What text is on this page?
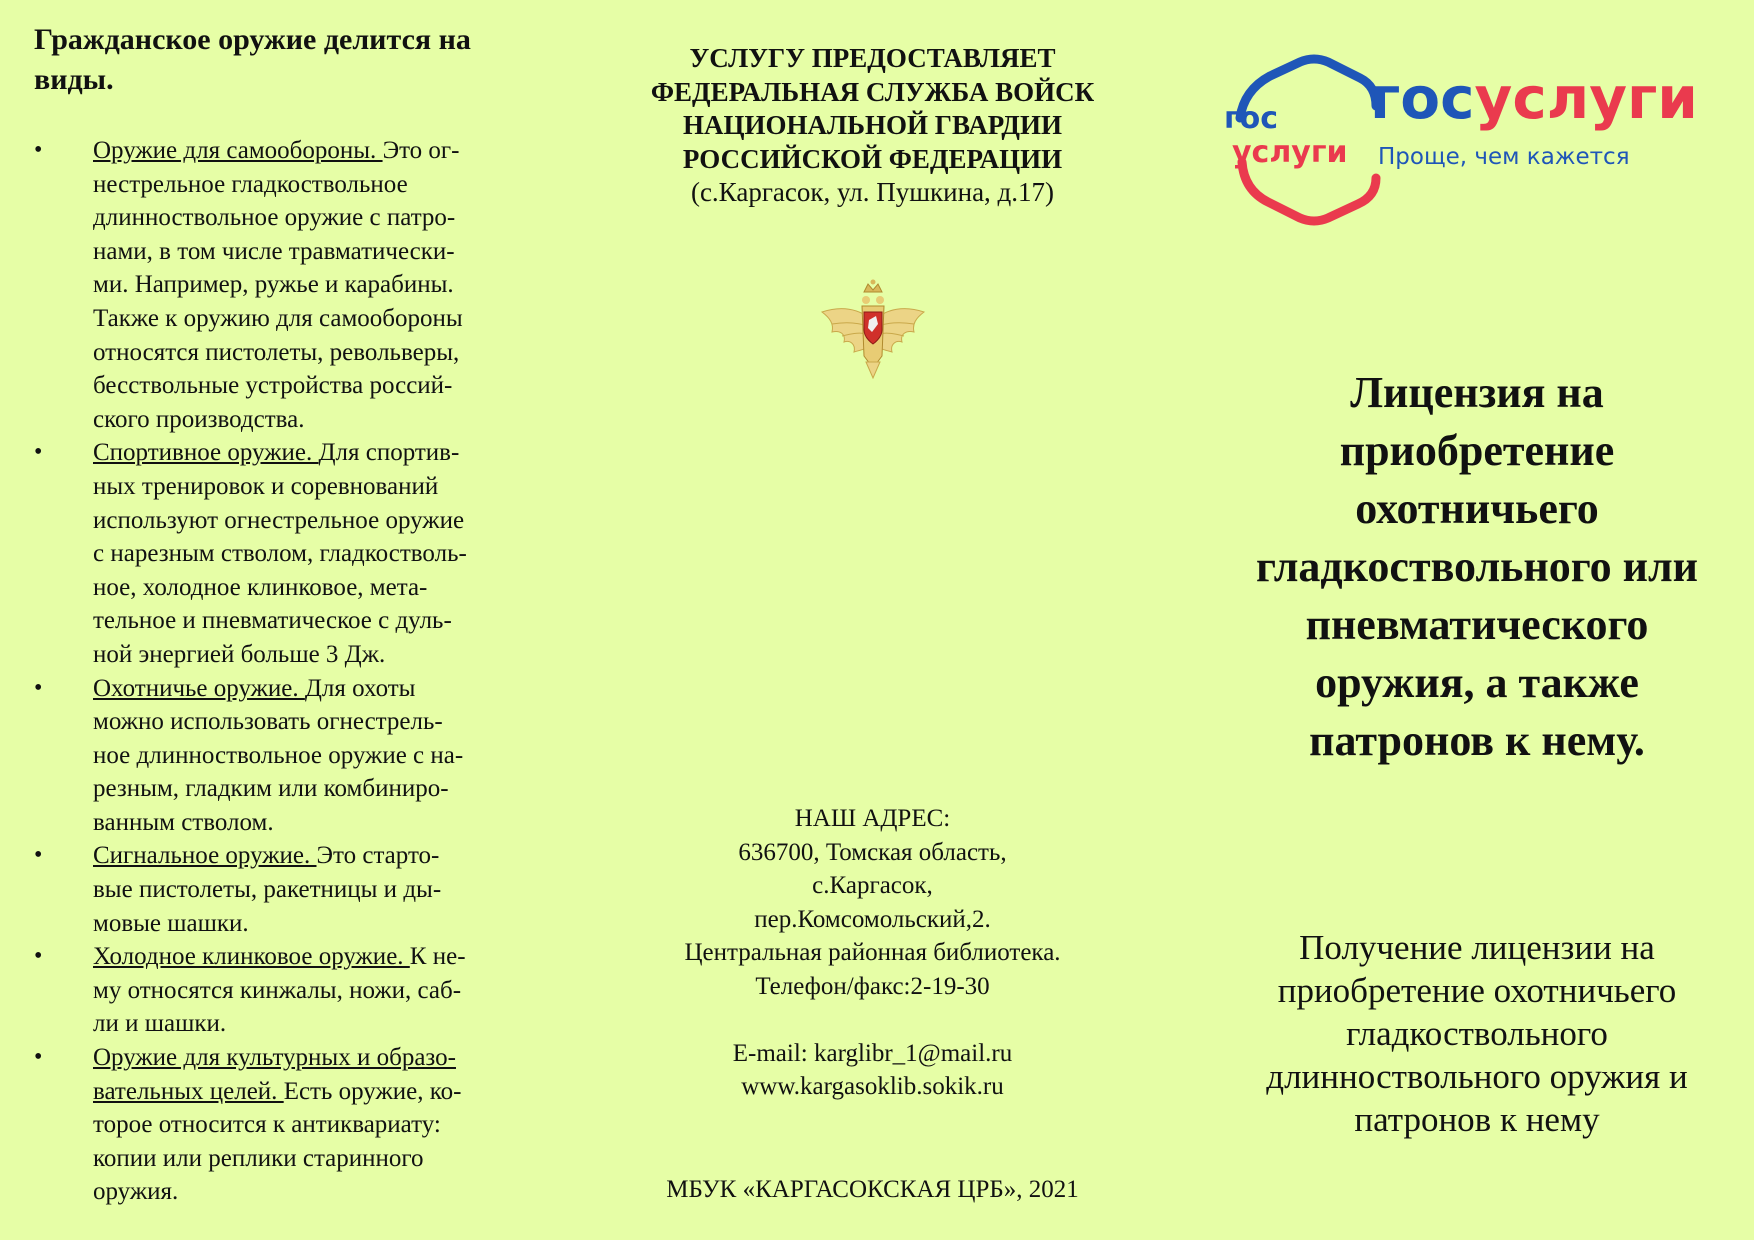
Гражданское оружие делится на виды.
• Оружие для самообороны. Это ог-
нестрельное гладкоствольное
длинноствольное оружие с патро-
нами, в том числе травматически-
ми. Например, ружье и карабины.
Также к оружию для самообороны
относятся пистолеты, револьверы,
бесствольные устройства россий-
ского производства.
• Спортивное оружие. Для спортив-
ных тренировок и соревнований
используют огнестрельное оружие
с нарезным стволом, гладкостволь-
ное, холодное клинковое, мета-
тельное и пневматическое с дуль-
ной энергией больше 3 Дж.
• Охотничье оружие. Для охоты
можно использовать огнестрель-
ное длинноствольное оружие с на-
резным, гладким или комбиниро-
ванным стволом.
• Сигнальное оружие. Это старто-
вые пистолеты, ракетницы и ды-
мовые шашки.
• Холодное клинковое оружие. К не-
му относятся кинжалы, ножи, саб-
ли и шашки.
• Оружие для культурных и образо-
вательных целей. Есть оружие, ко-
торое относится к антиквариату:
копии или реплики старинного
оружия.
УСЛУГУ ПРЕДОСТАВЛЯЕТ
ФЕДЕРАЛЬНАЯ СЛУЖБА ВОЙСК
НАЦИОНАЛЬНОЙ ГВАРДИИ
РОССИЙСКОЙ ФЕДЕРАЦИИ
(с.Каргасок, ул. Пушкина, д.17)
НАШ АДРЕС:
636700, Томская область,
с.Каргасок,
пер.Комсомольский,2.
Центральная районная библиотека.
Телефон/факс:2-19-30
E-mail: karglibr_1@mail.ru
www.kargasoklib.sokik.ru
МБУК «КАРГАСОКСКАЯ ЦРБ», 2021
гос
услуги
госуслуги
Проще, чем кажется
Лицензия на
приобретение
охотничьего
гладкоствольного или
пневматического
оружия, а также
патронов к нему.
Получение лицензии на
приобретение охотничьего
гладкоствольного
длинноствольного оружия и
патронов к нему
